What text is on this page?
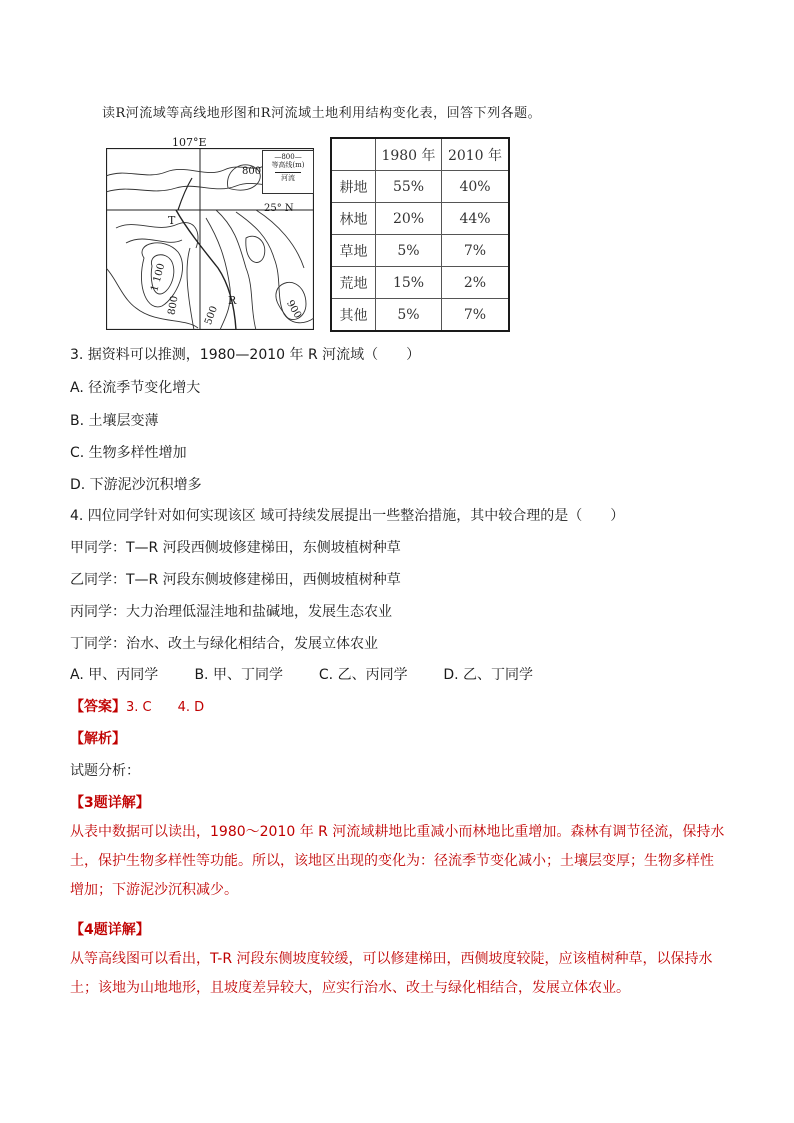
读R河流域等高线地形图和R河流域土地利用结构变化表，回答下列各题。
107°E
25° N
800
1 100
800 500	900
T
R
—800—
等高线(m)
河流
	1980 年	2010 年
耕地	55%	40%
林地	20%	44%
草地	5%	7%
荒地	15%	2%
其他	5%	7%
3. 据资料可以推测，1980—2010 年 R 河流域（　　）
A. 径流季节变化增大
B. 土壤层变薄
C. 生物多样性增加
D. 下游泥沙沉积增多
4. 四位同学针对如何实现该区 域可持续发展提出一些整治措施，其中较合理的是（　　）
甲同学：T—R 河段西侧坡修建梯田，东侧坡植树种草
乙同学：T—R 河段东侧坡修建梯田，西侧坡植树种草
丙同学：大力治理低湿洼地和盐碱地，发展生态农业
丁同学：治水、改土与绿化相结合，发展立体农业
A. 甲、丙同学	B. 甲、丁同学	C. 乙、丙同学	D. 乙、丁同学
【答案】3. C 4. D
【解析】
试题分析：
【3题详解】
从表中数据可以读出，1980～2010 年 R 河流域耕地比重减小而林地比重增加。森林有调节径流，保持水土，保护生物多样性等功能。所以，该地区出现的变化为：径流季节变化减小；土壤层变厚；生物多样性增加；下游泥沙沉积减少。
【4题详解】
从等高线图可以看出，T-R 河段东侧坡度较缓，可以修建梯田，西侧坡度较陡，应该植树种草，以保持水土；该地为山地地形，且坡度差异较大，应实行治水、改土与绿化相结合，发展立体农业。
